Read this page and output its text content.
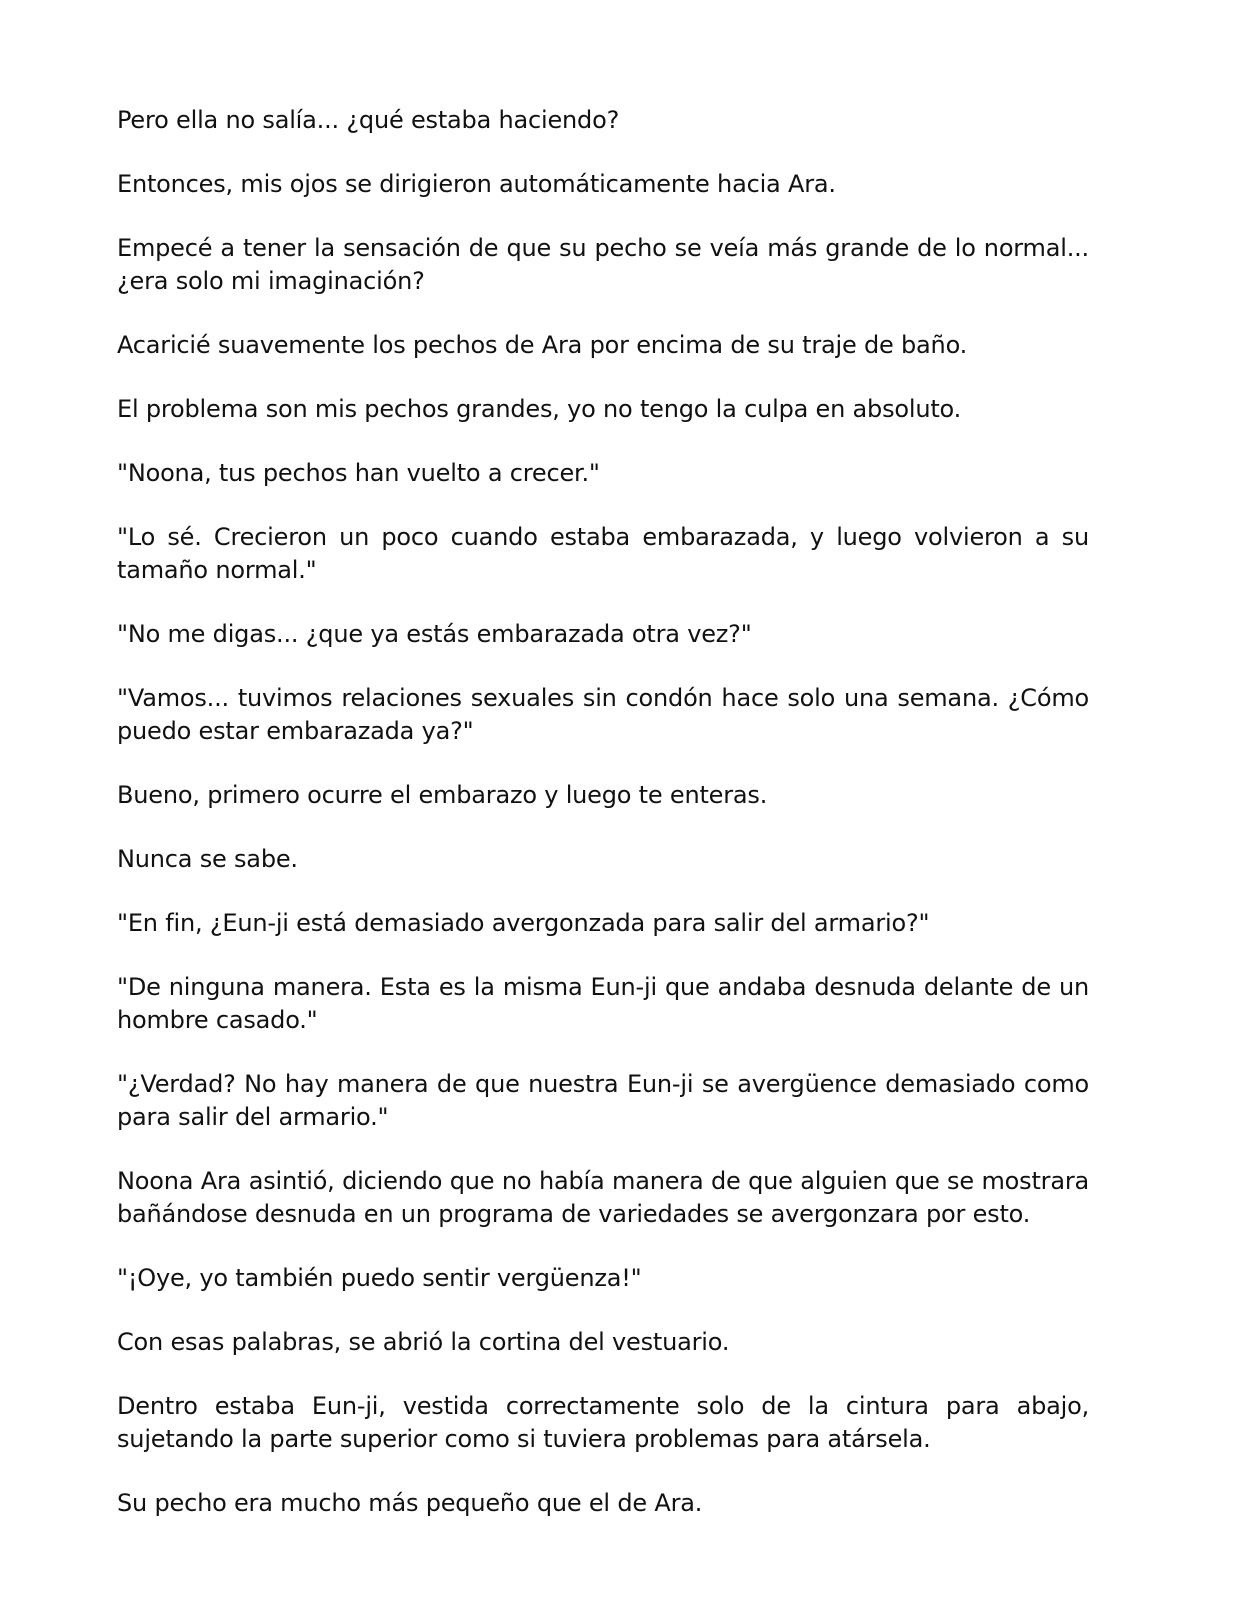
Pero ella no salía... ¿qué estaba haciendo?

Entonces, mis ojos se dirigieron automáticamente hacia Ara.

Empecé a tener la sensación de que su pecho se veía más grande de lo normal... ¿era solo mi imaginación?

Acaricié suavemente los pechos de Ara por encima de su traje de baño.

El problema son mis pechos grandes, yo no tengo la culpa en absoluto.

"Noona, tus pechos han vuelto a crecer."

"Lo sé. Crecieron un poco cuando estaba embarazada, y luego volvieron a su tamaño normal."

"No me digas... ¿que ya estás embarazada otra vez?"

"Vamos... tuvimos relaciones sexuales sin condón hace solo una semana. ¿Cómo puedo estar embarazada ya?"

Bueno, primero ocurre el embarazo y luego te enteras.

Nunca se sabe.

"En fin, ¿Eun-ji está demasiado avergonzada para salir del armario?"

"De ninguna manera. Esta es la misma Eun-ji que andaba desnuda delante de un hombre casado."

"¿Verdad? No hay manera de que nuestra Eun-ji se avergüence demasiado como para salir del armario."

Noona Ara asintió, diciendo que no había manera de que alguien que se mostrara bañándose desnuda en un programa de variedades se avergonzara por esto.

"¡Oye, yo también puedo sentir vergüenza!"

Con esas palabras, se abrió la cortina del vestuario.

Dentro estaba Eun-ji, vestida correctamente solo de la cintura para abajo, sujetando la parte superior como si tuviera problemas para atársela.

Su pecho era mucho más pequeño que el de Ara.
